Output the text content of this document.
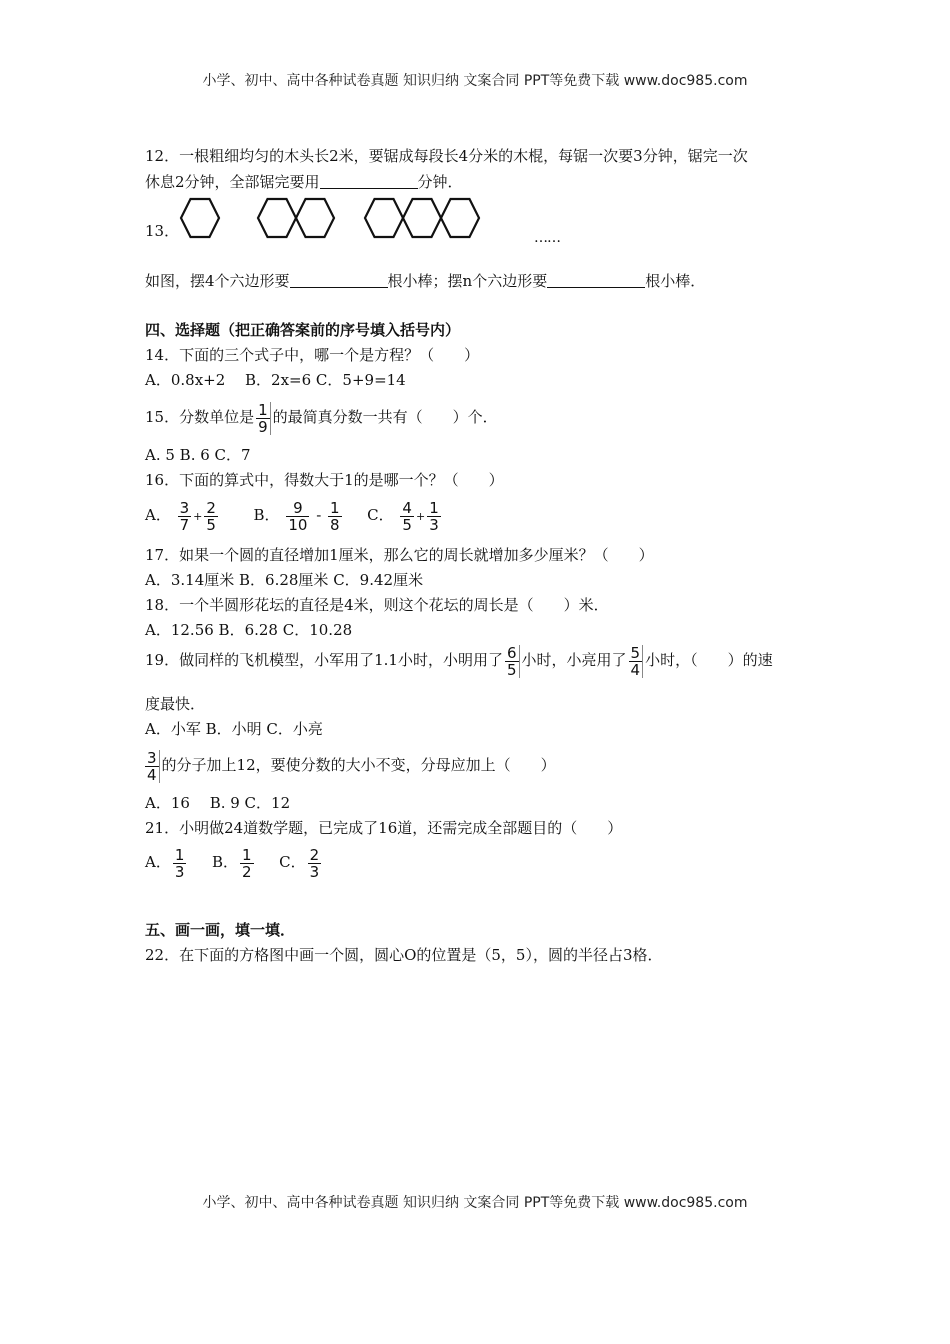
小学、初中、高中各种试卷真题 知识归纳 文案合同 PPT等免费下载 www.doc985.com
12．一根粗细均匀的木头长2米，要锯成每段长4分米的木棍，每锯一次要3分钟，锯完一次
休息2分钟，全部锯完要用	分钟．
13．	……
如图，摆4个六边形要	根小棒；摆n个六边形要	根小棒．
四、选择题（把正确答案前的序号填入括号内）
14．下面的三个式子中，哪一个是方程？（　　）
A．0.8x+2　 B．2x=6 C．5+9=14
15．分数单位是 $\frac{1}{9}$ 的最简真分数一共有（　　）个．
A. 5 B. 6 C．7
16．下面的算式中，得数大于1的是哪一个？（　　）
A． $\frac{3}{7} + \frac{2}{5}$ B． $\frac{9}{10} - \frac{1}{8}$ C． $\frac{4}{5} + \frac{1}{3}$
17．如果一个圆的直径增加1厘米，那么它的周长就增加多少厘米？（　　）
A．3.14厘米 B．6.28厘米 C．9.42厘米
18．一个半圆形花坛的直径是4米，则这个花坛的周长是（　　）米．
A．12.56 B．6.28 C．10.28
19．做同样的飞机模型，小军用了1.1小时，小明用了 $\frac{6}{5}$ 小时，小亮用了 $\frac{5}{4}$ 小时，（　　）的速
度最快．
A．小军 B．小明 C．小亮
$\frac{3}{4}$ 的分子加上12，要使分数的大小不变，分母应加上（　　）
A．16　 B. 9 C．12
21．小明做24道数学题，已完成了16道，还需完成全部题目的（　　）
A． $\frac{1}{3}$ B． $\frac{1}{2}$ C． $\frac{2}{3}$
五、画一画，填一填．
22．在下面的方格图中画一个圆，圆心O的位置是（5，5），圆的半径占3格．
小学、初中、高中各种试卷真题 知识归纳 文案合同 PPT等免费下载 www.doc985.com
